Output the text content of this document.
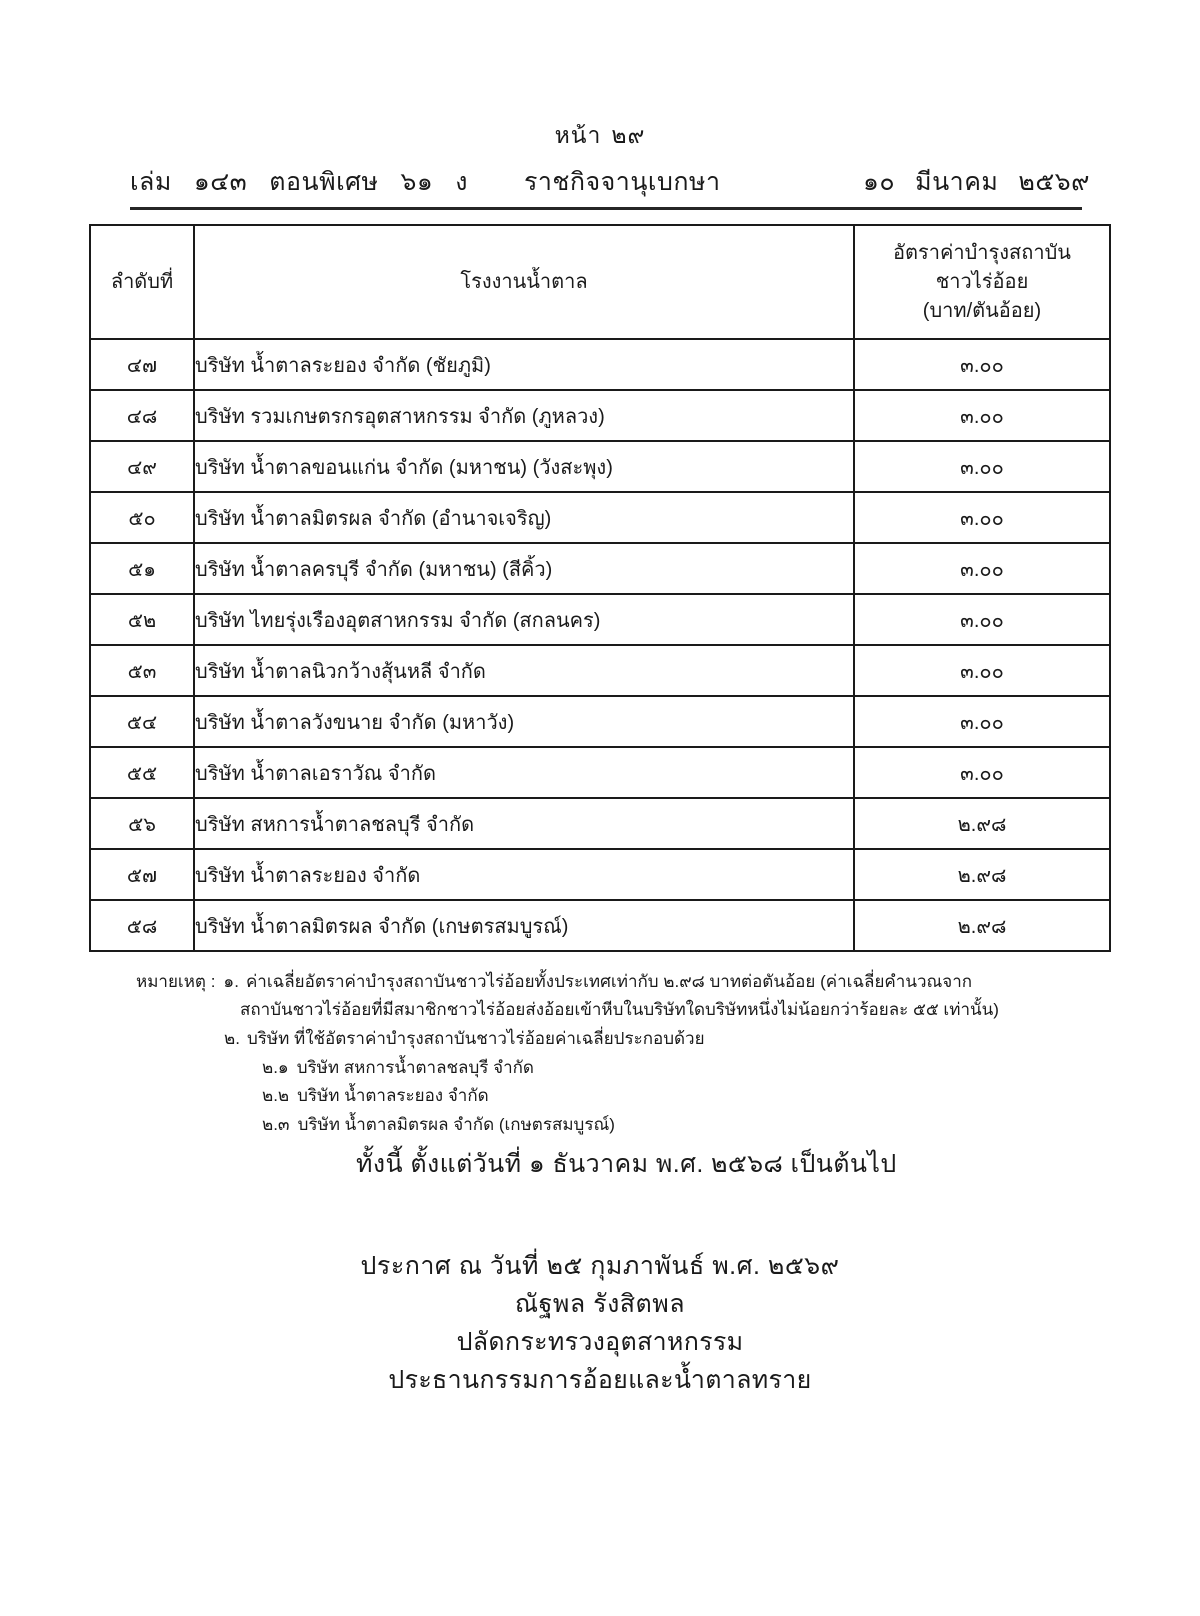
หน้า ๒๙
เล่ม ๑๔๓ ตอนพิเศษ ๖๑ ง	ราชกิจจานุเบกษา	๑๐ มีนาคม ๒๕๖๙
ลำดับที่	โรงงานน้ำตาล	อัตราค่าบำรุงสถาบัน
ชาวไร่อ้อย
(บาท/ตันอ้อย)

๔๗	บริษัท น้ำตาลระยอง จำกัด (ชัยภูมิ)	๓.๐๐
๔๘	บริษัท รวมเกษตรกรอุตสาหกรรม จำกัด (ภูหลวง)	๓.๐๐
๔๙	บริษัท น้ำตาลขอนแก่น จำกัด (มหาชน) (วังสะพุง)	๓.๐๐
๕๐	บริษัท น้ำตาลมิตรผล จำกัด (อำนาจเจริญ)	๓.๐๐
๕๑	บริษัท น้ำตาลครบุรี จำกัด (มหาชน) (สีคิ้ว)	๓.๐๐
๕๒	บริษัท ไทยรุ่งเรืองอุตสาหกรรม จำกัด (สกลนคร)	๓.๐๐
๕๓	บริษัท น้ำตาลนิวกว้างสุ้นหลี จำกัด	๓.๐๐
๕๔	บริษัท น้ำตาลวังขนาย จำกัด (มหาวัง)	๓.๐๐
๕๕	บริษัท น้ำตาลเอราวัณ จำกัด	๓.๐๐
๕๖	บริษัท สหการน้ำตาลชลบุรี จำกัด	๒.๙๘
๕๗	บริษัท น้ำตาลระยอง จำกัด	๒.๙๘
๕๘	บริษัท น้ำตาลมิตรผล จำกัด (เกษตรสมบูรณ์)	๒.๙๘
หมายเหตุ : ๑. ค่าเฉลี่ยอัตราค่าบำรุงสถาบันชาวไร่อ้อยทั้งประเทศเท่ากับ ๒.๙๘ บาทต่อตันอ้อย (ค่าเฉลี่ยคำนวณจาก
สถาบันชาวไร่อ้อยที่มีสมาชิกชาวไร่อ้อยส่งอ้อยเข้าหีบในบริษัทใดบริษัทหนึ่งไม่น้อยกว่าร้อยละ ๕๕ เท่านั้น)
๒. บริษัท ที่ใช้อัตราค่าบำรุงสถาบันชาวไร่อ้อยค่าเฉลี่ยประกอบด้วย
๒.๑ บริษัท สหการน้ำตาลชลบุรี จำกัด
๒.๒ บริษัท น้ำตาลระยอง จำกัด
๒.๓ บริษัท น้ำตาลมิตรผล จำกัด (เกษตรสมบูรณ์)
ทั้งนี้ ตั้งแต่วันที่ ๑ ธันวาคม พ.ศ. ๒๕๖๘ เป็นต้นไป
ประกาศ ณ วันที่ ๒๕ กุมภาพันธ์ พ.ศ. ๒๕๖๙
ณัฐพล รังสิตพล
ปลัดกระทรวงอุตสาหกรรม
ประธานกรรมการอ้อยและน้ำตาลทราย
